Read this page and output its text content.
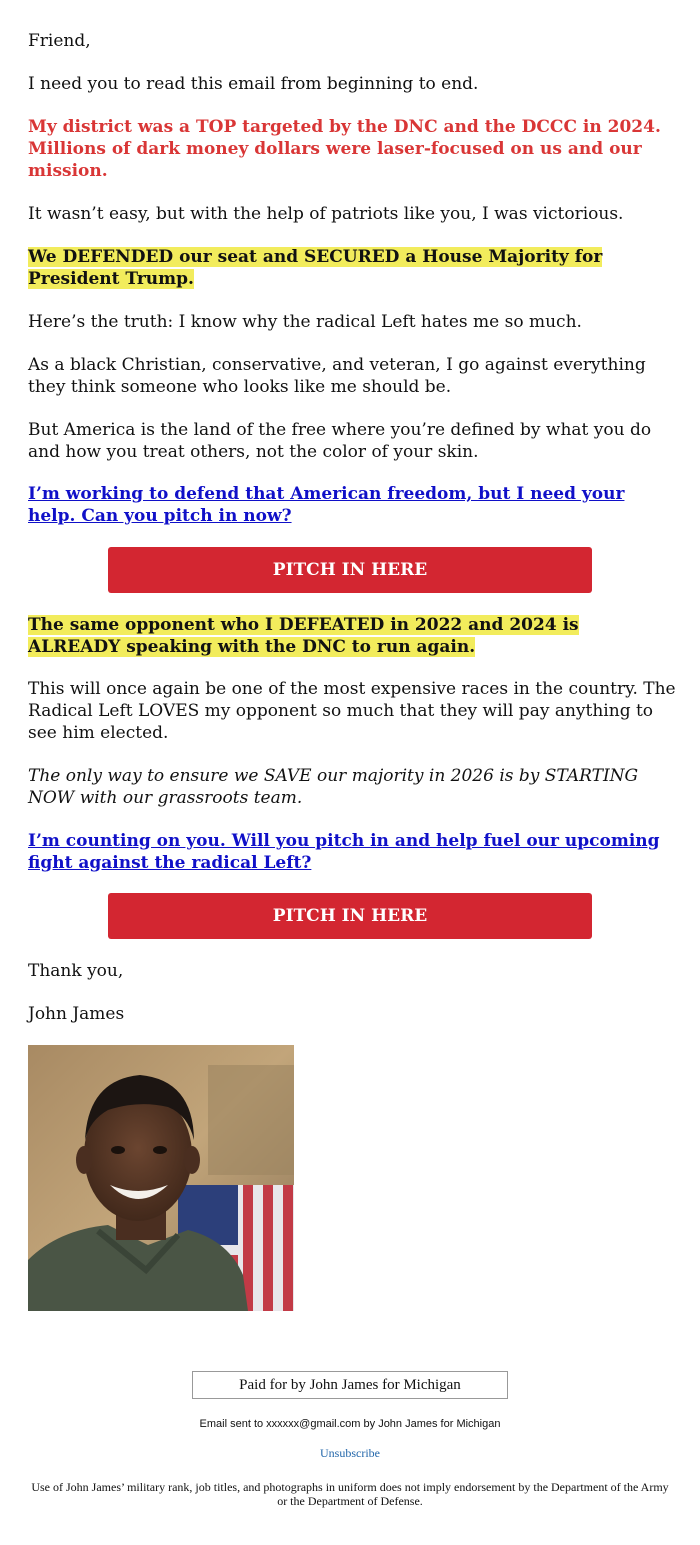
Friend,
I need you to read this email from beginning to end.
My district was a TOP targeted by the DNC and the DCCC in 2024. Millions of dark money dollars were laser-focused on us and our mission.
It wasn’t easy, but with the help of patriots like you, I was victorious.
We DEFENDED our seat and SECURED a House Majority for President Trump.
Here’s the truth: I know why the radical Left hates me so much.
As a black Christian, conservative, and veteran, I go against everything they think someone who looks like me should be.
But America is the land of the free where you’re defined by what you do and how you treat others, not the color of your skin.
I’m working to defend that American freedom, but I need your help. Can you pitch in now?
PITCH IN HERE
The same opponent who I DEFEATED in 2022 and 2024 is ALREADY speaking with the DNC to run again.
This will once again be one of the most expensive races in the country. The Radical Left LOVES my opponent so much that they will pay anything to see him elected.
The only way to ensure we SAVE our majority in 2026 is by STARTING NOW with our grassroots team.
I’m counting on you. Will you pitch in and help fuel our upcoming fight against the radical Left?
PITCH IN HERE
Thank you,
John James
Paid for by John James for Michigan
Email sent to xxxxxx@gmail.com by John James for Michigan
Unsubscribe
Use of John James’ military rank, job titles, and photographs in uniform does not imply endorsement by the Department of the Army or the Department of Defense.
